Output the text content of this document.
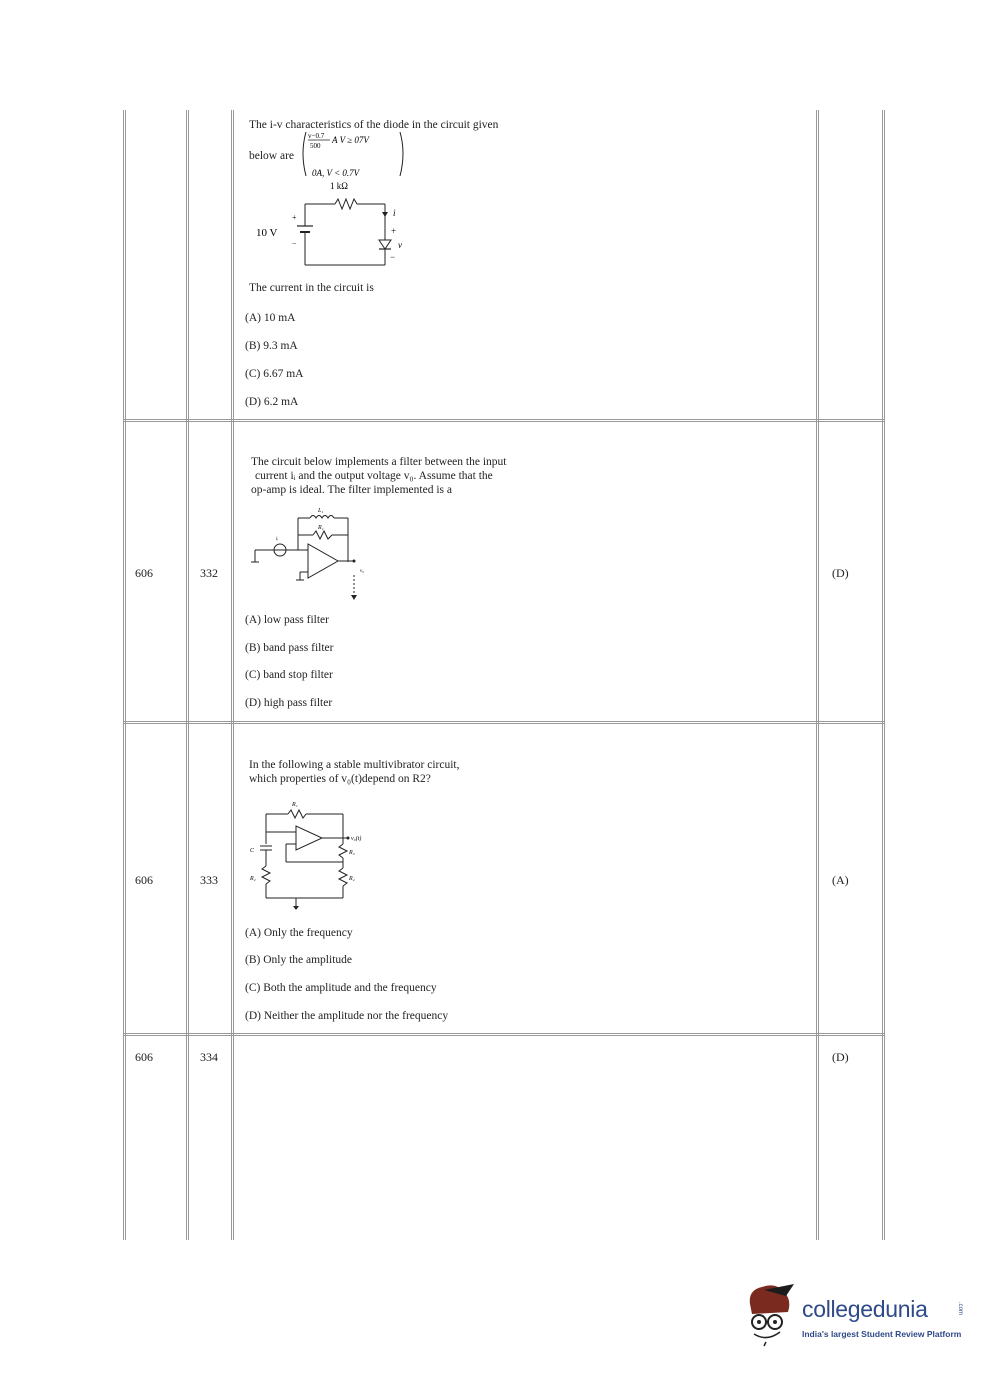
The i-v characteristics of the diode in the circuit given
below are
v−0.7
500
A V ≥ 07V
0A, V < 0.7V
1 kΩ
10 V
+
−
i
+
v
−
The current in the circuit is
(A) 10 mA
(B) 9.3 mA
(C) 6.67 mA
(D) 6.2 mA
606	332	(D)
The circuit below implements a filter between the input
current iᵢ and the output voltage v₀. Assume that the
op-amp is ideal. The filter implemented is a
L₁
R₁
iᵢ
v₀
(A) low pass filter
(B) band pass filter
(C) band stop filter
(D) high pass filter
606	333	(A)
In the following a stable multivibrator circuit,
which properties of v₀(t)depend on R2?
R₁
C
R₂
R₃
R₄
v₀(t)
(A) Only the frequency
(B) Only the amplitude
(C) Both the amplitude and the frequency
(D) Neither the amplitude nor the frequency
606	334	(D)
collegedunia	.com
India's largest Student Review Platform
